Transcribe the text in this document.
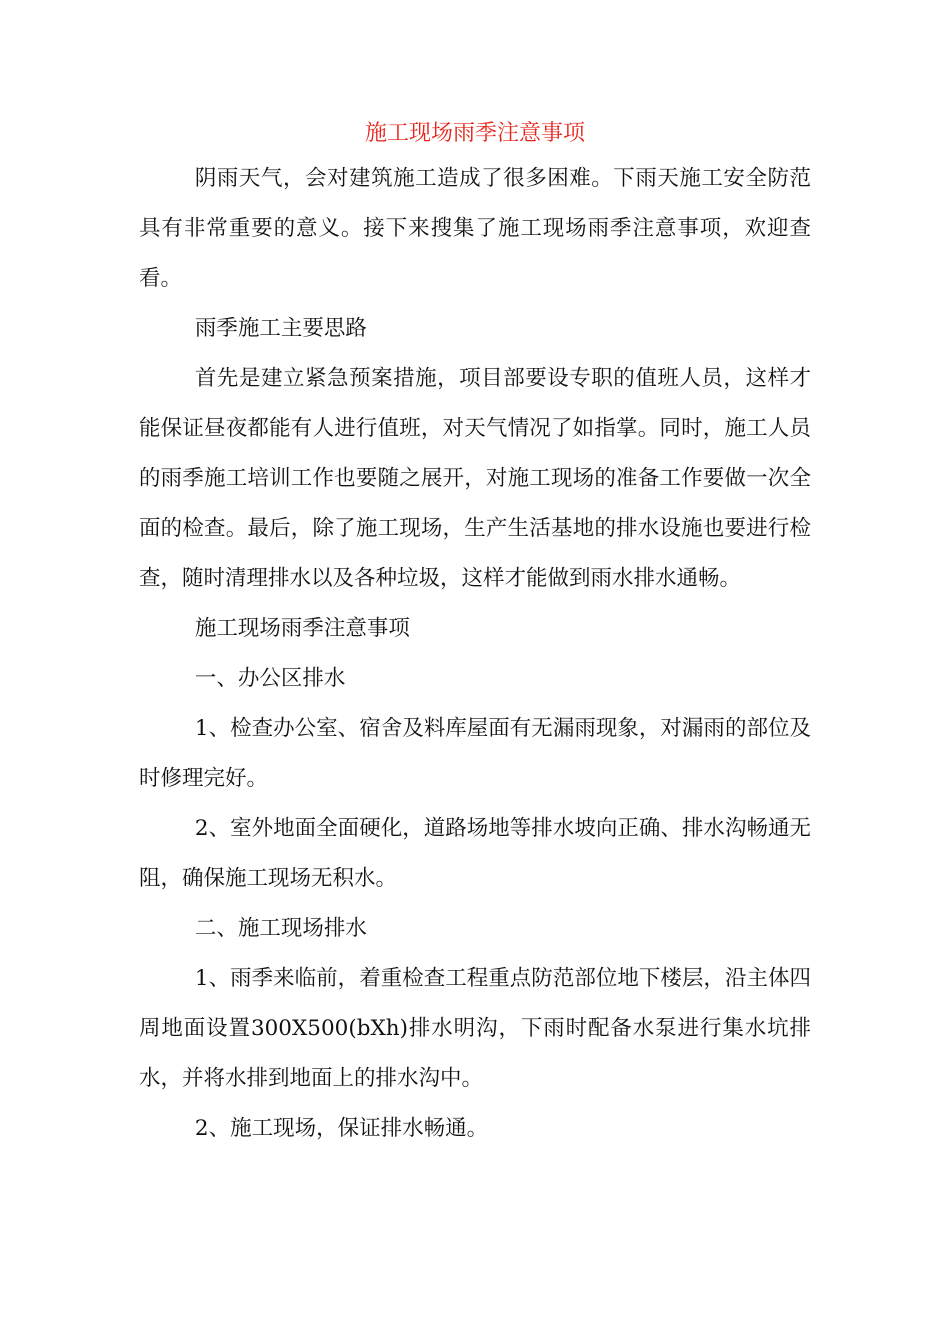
施工现场雨季注意事项

阴雨天气，会对建筑施工造成了很多困难。下雨天施工安全防范具有非常重要的意义。接下来搜集了施工现场雨季注意事项，欢迎查看。

雨季施工主要思路

首先是建立紧急预案措施，项目部要设专职的值班人员，这样才能保证昼夜都能有人进行值班，对天气情况了如指掌。同时，施工人员的雨季施工培训工作也要随之展开，对施工现场的准备工作要做一次全面的检查。最后，除了施工现场，生产生活基地的排水设施也要进行检查，随时清理排水以及各种垃圾，这样才能做到雨水排水通畅。

施工现场雨季注意事项

一、办公区排水

1、检查办公室、宿舍及料库屋面有无漏雨现象，对漏雨的部位及时修理完好。

2、室外地面全面硬化，道路场地等排水坡向正确、排水沟畅通无阻，确保施工现场无积水。

二、施工现场排水

1、雨季来临前，着重检查工程重点防范部位地下楼层，沿主体四周地面设置300X500(bXh)排水明沟，下雨时配备水泵进行集水坑排水，并将水排到地面上的排水沟中。

2、施工现场，保证排水畅通。
